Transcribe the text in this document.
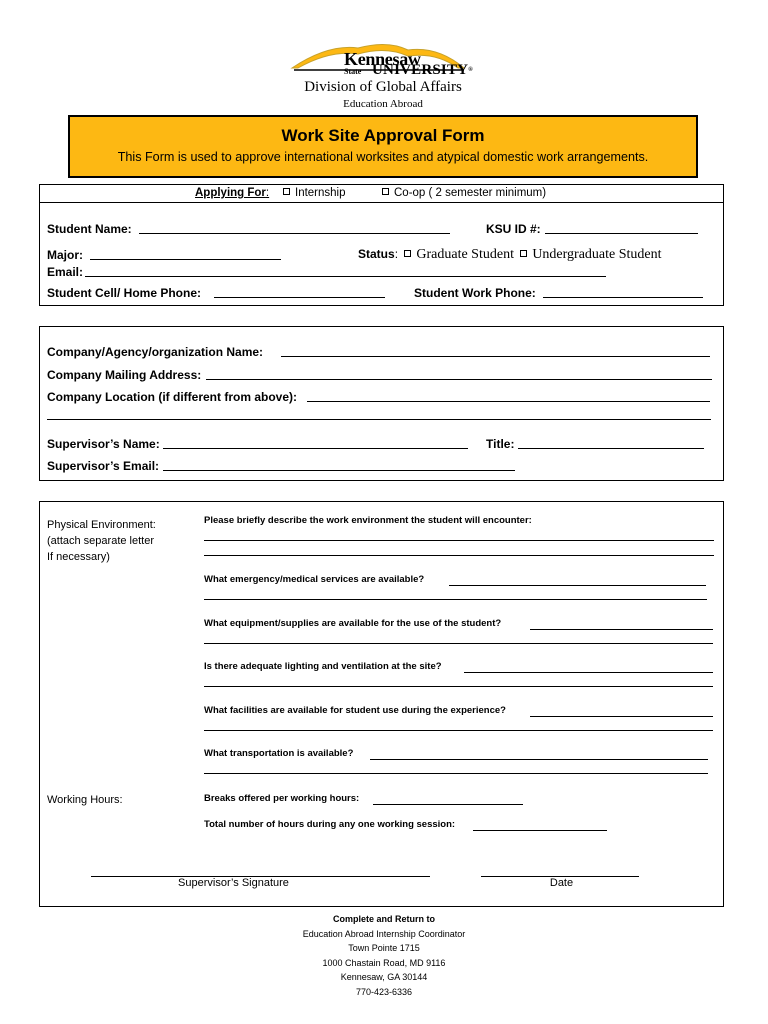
Kennesaw
State UNIVERSITY®
Division of Global Affairs
Education Abroad
Work Site Approval Form
This Form is used to approve international worksites and atypical domestic work arrangements.
Applying For:	Internship	Co-op ( 2 semester minimum)
Student Name:	KSU ID #:
Major:	Status: Graduate Student Undergraduate Student
Email:
Student Cell/ Home Phone:	Student Work Phone:
Company/Agency/organization Name:
Company Mailing Address:
Company Location (if different from above):
Supervisor’s Name:	Title:
Supervisor’s Email:
Physical Environment:
(attach separate letter
If necessary)
Please briefly describe the work environment the student will encounter:
What emergency/medical services are available?
What equipment/supplies are available for the use of the student?
Is there adequate lighting and ventilation at the site?
What facilities are available for student use during the experience?
What transportation is available?
Working Hours:	Breaks offered per working hours:
Total number of hours during any one working session:
Supervisor’s Signature	Date
Complete and Return to
Education Abroad Internship Coordinator
Town Pointe 1715
1000 Chastain Road, MD 9116
Kennesaw, GA 30144
770-423-6336
